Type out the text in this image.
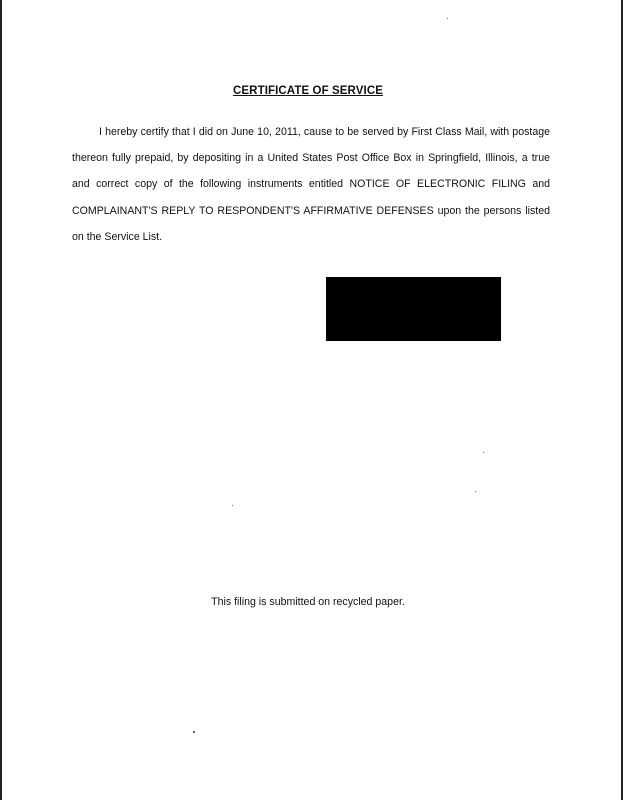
CERTIFICATE OF SERVICE
I hereby certify that I did on June 10, 2011, cause to be served by First Class Mail, with postage thereon fully prepaid, by depositing in a United States Post Office Box in Springfield, Illinois, a true and correct copy of the following instruments entitled NOTICE OF ELECTRONIC FILING and COMPLAINANT'S REPLY TO RESPONDENT'S AFFIRMATIVE DEFENSES upon the persons listed on the Service List.
This filing is submitted on recycled paper.
